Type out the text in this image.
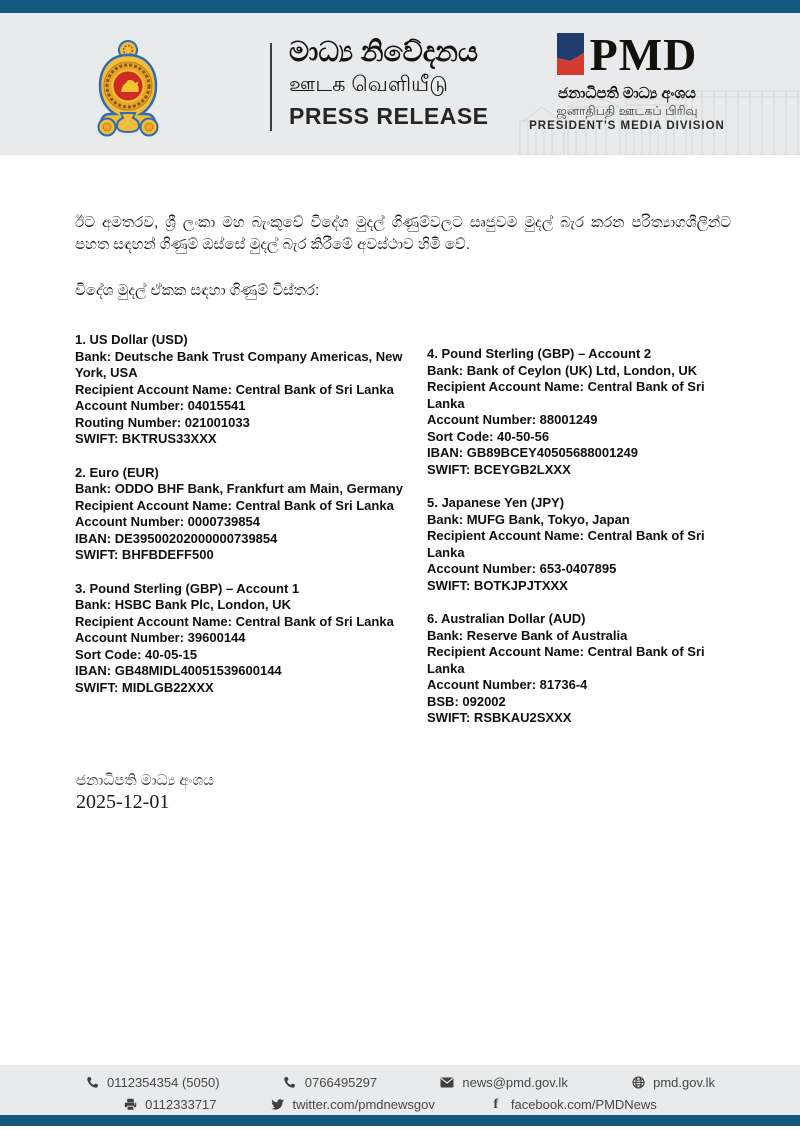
මාධ්‍ය නිවේදනය
ஊடக வெளியீடு
PRESS RELEASE
PMD
ජනාධිපති මාධ්‍ය අංශය
ஜனாதிபதி ஊடகப் பிரிவு
PRESIDENT'S MEDIA DIVISION

ඊට අමතරව, ශ්‍රී ලංකා මහ බැංකුවේ විදේශ මුදල් ගිණුම්වලට සෘජුවම මුදල් බැර කරන පරිත්‍යාගශීලීන්ට පහත සඳහන් ගිණුම් ඔස්සේ මුදල් බැර කිරීමේ අවස්ථාව හිමි වේ.

විදේශ මුදල් ඒකක සඳහා ගිණුම් විස්තර:

1. US Dollar (USD)
Bank: Deutsche Bank Trust Company Americas, New York, USA
Recipient Account Name: Central Bank of Sri Lanka
Account Number: 04015541
Routing Number: 021001033
SWIFT: BKTRUS33XXX
2. Euro (EUR)
Bank: ODDO BHF Bank, Frankfurt am Main, Germany
Recipient Account Name: Central Bank of Sri Lanka
Account Number: 0000739854
IBAN: DE39500202000000739854
SWIFT: BHFBDEFF500
3. Pound Sterling (GBP) – Account 1
Bank: HSBC Bank Plc, London, UK
Recipient Account Name: Central Bank of Sri Lanka
Account Number: 39600144
Sort Code: 40-05-15
IBAN: GB48MIDL40051539600144
SWIFT: MIDLGB22XXX
4. Pound Sterling (GBP) – Account 2
Bank: Bank of Ceylon (UK) Ltd, London, UK
Recipient Account Name: Central Bank of Sri Lanka
Account Number: 88001249
Sort Code: 40-50-56
IBAN: GB89BCEY40505688001249
SWIFT: BCEYGB2LXXX
5. Japanese Yen (JPY)
Bank: MUFG Bank, Tokyo, Japan
Recipient Account Name: Central Bank of Sri Lanka
Account Number: 653-0407895
SWIFT: BOTKJPJTXXX
6. Australian Dollar (AUD)
Bank: Reserve Bank of Australia
Recipient Account Name: Central Bank of Sri Lanka
Account Number: 81736-4
BSB: 092002
SWIFT: RSBKAU2SXXX
ජනාධිපති මාධ්‍ය අංශය
2025-12-01
0112354354 (5050)	0766495297	news@pmd.gov.lk	pmd.gov.lk
0112333717	twitter.com/pmdnewsgov	f facebook.com/PMDNews
